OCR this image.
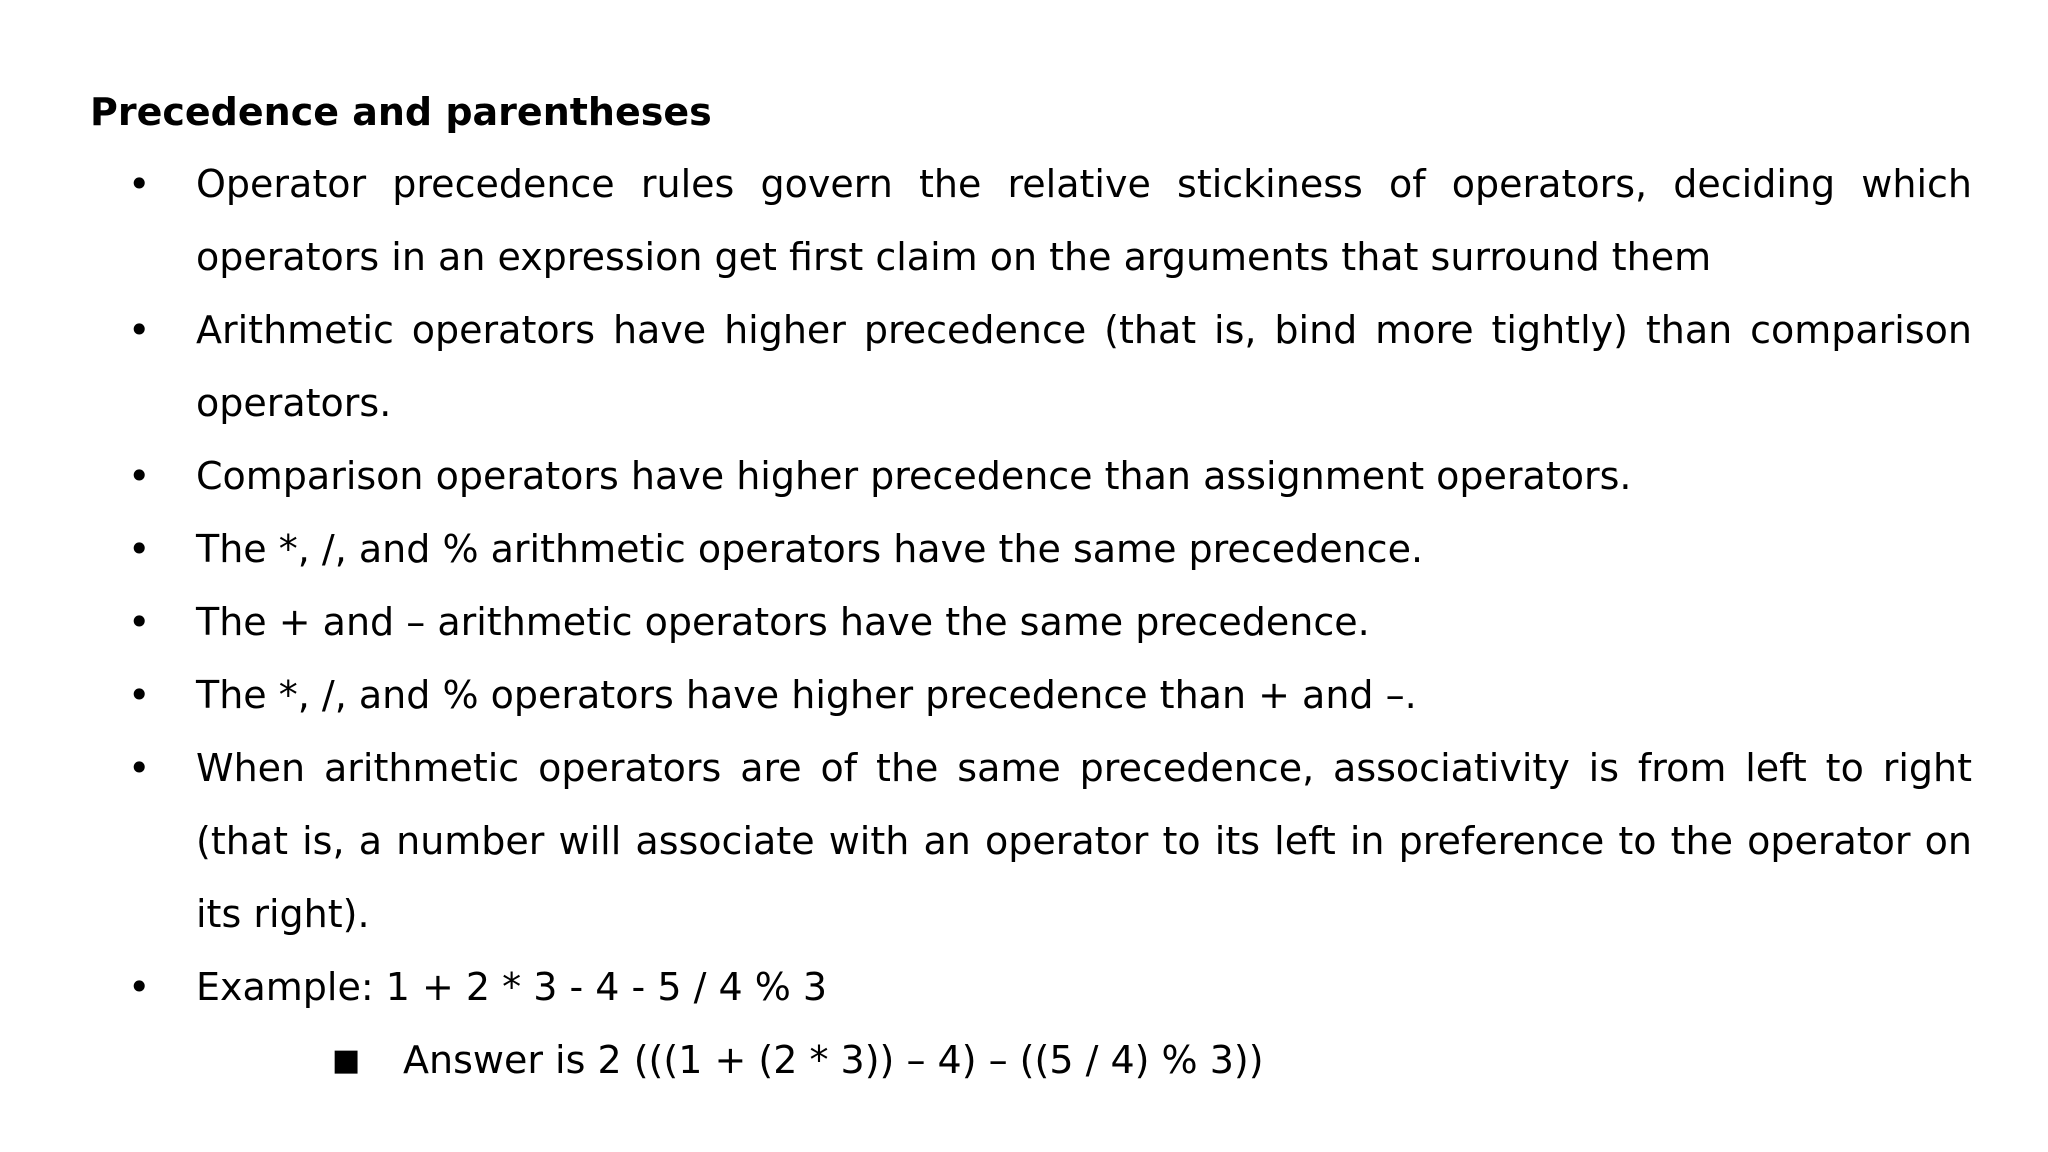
Precedence and parentheses
• Operator precedence rules govern the relative stickiness of operators, deciding which operators in an expression get first claim on the arguments that surround them
• Arithmetic operators have higher precedence (that is, bind more tightly) than comparison operators.
• Comparison operators have higher precedence than assignment operators.
• The *, /, and % arithmetic operators have the same precedence.
• The + and – arithmetic operators have the same precedence.
• The *, /, and % operators have higher precedence than + and –.
• When arithmetic operators are of the same precedence, associativity is from left to right (that is, a number will associate with an operator to its left in preference to the operator on its right).
• Example: 1 + 2 * 3 - 4 - 5 / 4 % 3
■ Answer is 2 (((1 + (2 * 3)) – 4) – ((5 / 4) % 3))
